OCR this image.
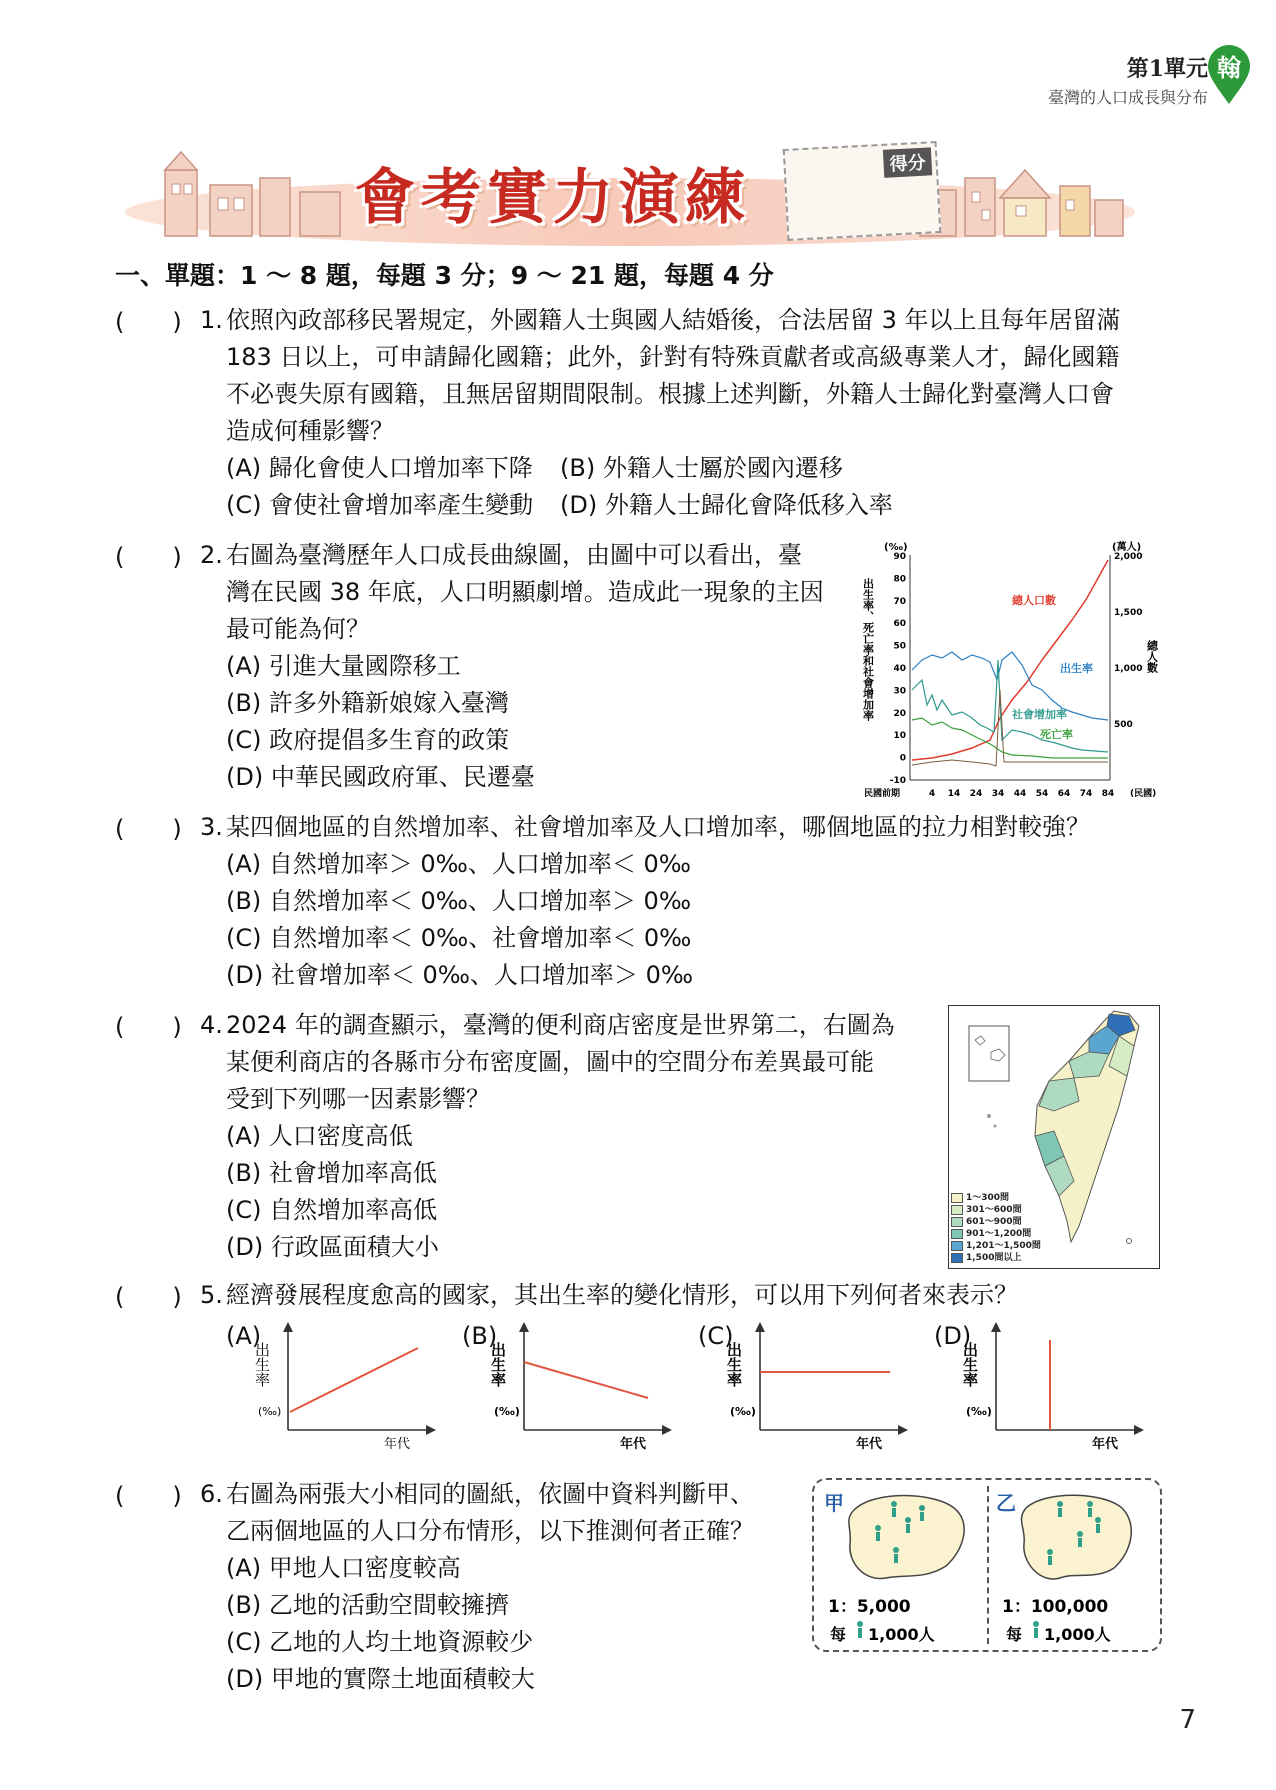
第1單元
臺灣的人口成長與分布
翰
會考實力演練	得分
一、單題：1 ～ 8 題，每題 3 分；9 ～ 21 題，每題 4 分
(　　) 1. 依照內政部移民署規定，外國籍人士與國人結婚後，合法居留 3 年以上且每年居留滿
183 日以上，可申請歸化國籍；此外，針對有特殊貢獻者或高級專業人才，歸化國籍
不必喪失原有國籍，且無居留期間限制。根據上述判斷，外籍人士歸化對臺灣人口會
造成何種影響？
(A) 歸化會使人口增加率下降 (B) 外籍人士屬於國內遷移
(C) 會使社會增加率產生變動 (D) 外籍人士歸化會降低移入率
(　　) 2. 右圖為臺灣歷年人口成長曲線圖，由圖中可以看出，臺
灣在民國 38 年底，人口明顯劇增。造成此一現象的主因
最可能為何？
(A) 引進大量國際移工
(B) 許多外籍新娘嫁入臺灣
(C) 政府提倡多生育的政策
(D) 中華民國政府軍、民遷臺
(‰)	(萬人)
出生率、死亡率和社會增加率	總人數
90
80
70
60
50
40
30
20
10
0
-10
2,000
1,500
1,000
500
4 14 24 34 44 54 64 74 84
總人口數
出生率
社會增加率
死亡率
民國前期	(民國)
(　　) 3. 某四個地區的自然增加率、社會增加率及人口增加率，哪個地區的拉力相對較強？
(A) 自然增加率＞ 0‰、人口增加率＜ 0‰
(B) 自然增加率＜ 0‰、人口增加率＞ 0‰
(C) 自然增加率＜ 0‰、社會增加率＜ 0‰
(D) 社會增加率＜ 0‰、人口增加率＞ 0‰
(　　) 4. 2024 年的調查顯示，臺灣的便利商店密度是世界第二，右圖為
某便利商店的各縣市分布密度圖，圖中的空間分布差異最可能
受到下列哪一因素影響？
(A) 人口密度高低
(B) 社會增加率高低
(C) 自然增加率高低
(D) 行政區面積大小
1～300間
301～600間
601～900間
901～1,200間
1,201～1,500間
1,500間以上
(　　) 5. 經濟發展程度愈高的國家，其出生率的變化情形，可以用下列何者來表示？
(A)	(B)	(C)	(D)
出生率
(‰)
年代
出生率
(‰)
年代
出生率
(‰)
年代
出生率
(‰)
年代
(　　) 6. 右圖為兩張大小相同的圖紙，依圖中資料判斷甲、
乙兩個地區的人口分布情形，以下推測何者正確？
(A) 甲地人口密度較高
(B) 乙地的活動空間較擁擠
(C) 乙地的人均土地資源較少
(D) 甲地的實際土地面積較大
甲	乙
1：5,000	1：100,000
每 1,000人	每 1,000人
7
